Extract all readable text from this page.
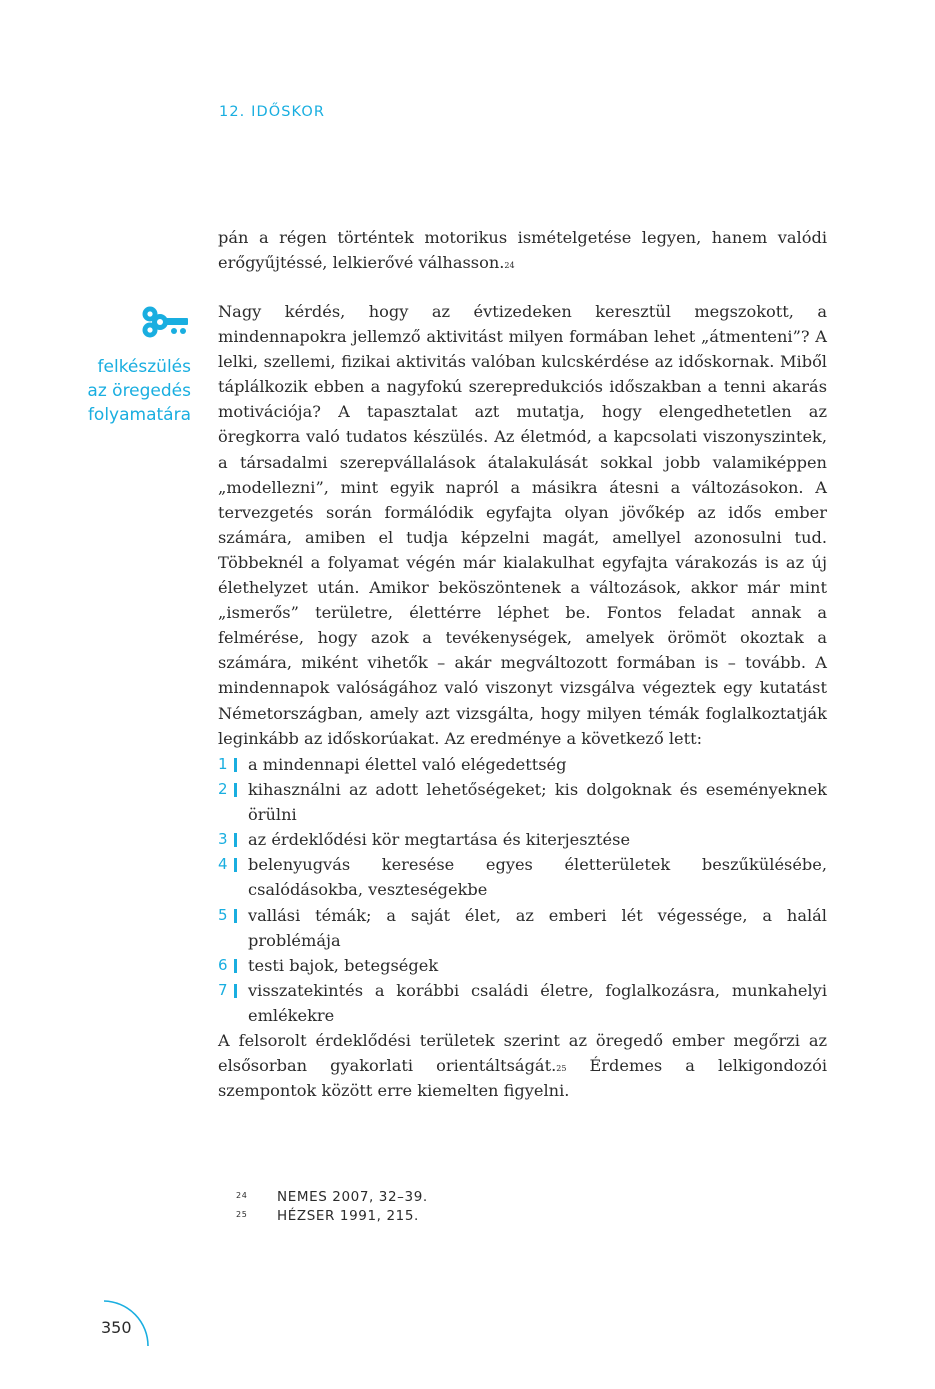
12. IDŐSKOR

pán a régen történtek motorikus ismételgetése legyen, hanem valódi erőgyűjtéssé, lelkierővé válhasson.$^{24}$

felkészülés
az öregedés
folyamatára

Nagy kérdés, hogy az évtizedeken keresztül megszokott, a mindennapokra jellemző aktivitást milyen formában lehet „átmenteni”? A lelki, szellemi, fizikai aktivitás valóban kulcskérdése az időskornak. Miből táplálkozik ebben a nagyfokú szerepredukciós időszakban a tenni akarás motivációja? A tapasztalat azt mutatja, hogy elengedhetetlen az öregkorra való tudatos készülés. Az életmód, a kapcsolati viszonyszintek, a társadalmi szerepvállalások átalakulását sokkal jobb valamiképpen „modellezni”, mint egyik napról a másikra átesni a változásokon. A tervezgetés során formálódik egyfajta olyan jövőkép az idős ember számára, amiben el tudja képzelni magát, amellyel azonosulni tud. Többeknél a folyamat végén már kialakulhat egyfajta várakozás is az új élethelyzet után. Amikor beköszöntenek a változások, akkor már mint „ismerős” területre, élettérre léphet be. Fontos feladat annak a felmérése, hogy azok a tevékenységek, amelyek örömöt okoztak a számára, miként vihetők – akár megváltozott formában is – tovább. A mindennapok valóságához való viszonyt vizsgálva végeztek egy kutatást Németországban, amely azt vizsgálta, hogy milyen témák foglalkoztatják leginkább az időskorúakat. Az eredménye a következő lett:

1 a mindennapi élettel való elégedettség
2 kihasználni az adott lehetőségeket; kis dolgoknak és eseményeknek örülni
3 az érdeklődési kör megtartása és kiterjesztése
4 belenyugvás keresése egyes életterületek beszűkülésébe, csalódásokba, veszteségekbe
5 vallási témák; a saját élet, az emberi lét végessége, a halál problémája
6 testi bajok, betegségek
7 visszatekintés a korábbi családi életre, foglalkozásra, munkahelyi emlékekre

A felsorolt érdeklődési területek szerint az öregedő ember megőrzi az elsősorban gyakorlati orientáltságát.$^{25}$ Érdemes a lelkigondozói szempontok között erre kiemelten figyelni.

24 NEMES 2007, 32–39.
25 HÉZSER 1991, 215.
350
